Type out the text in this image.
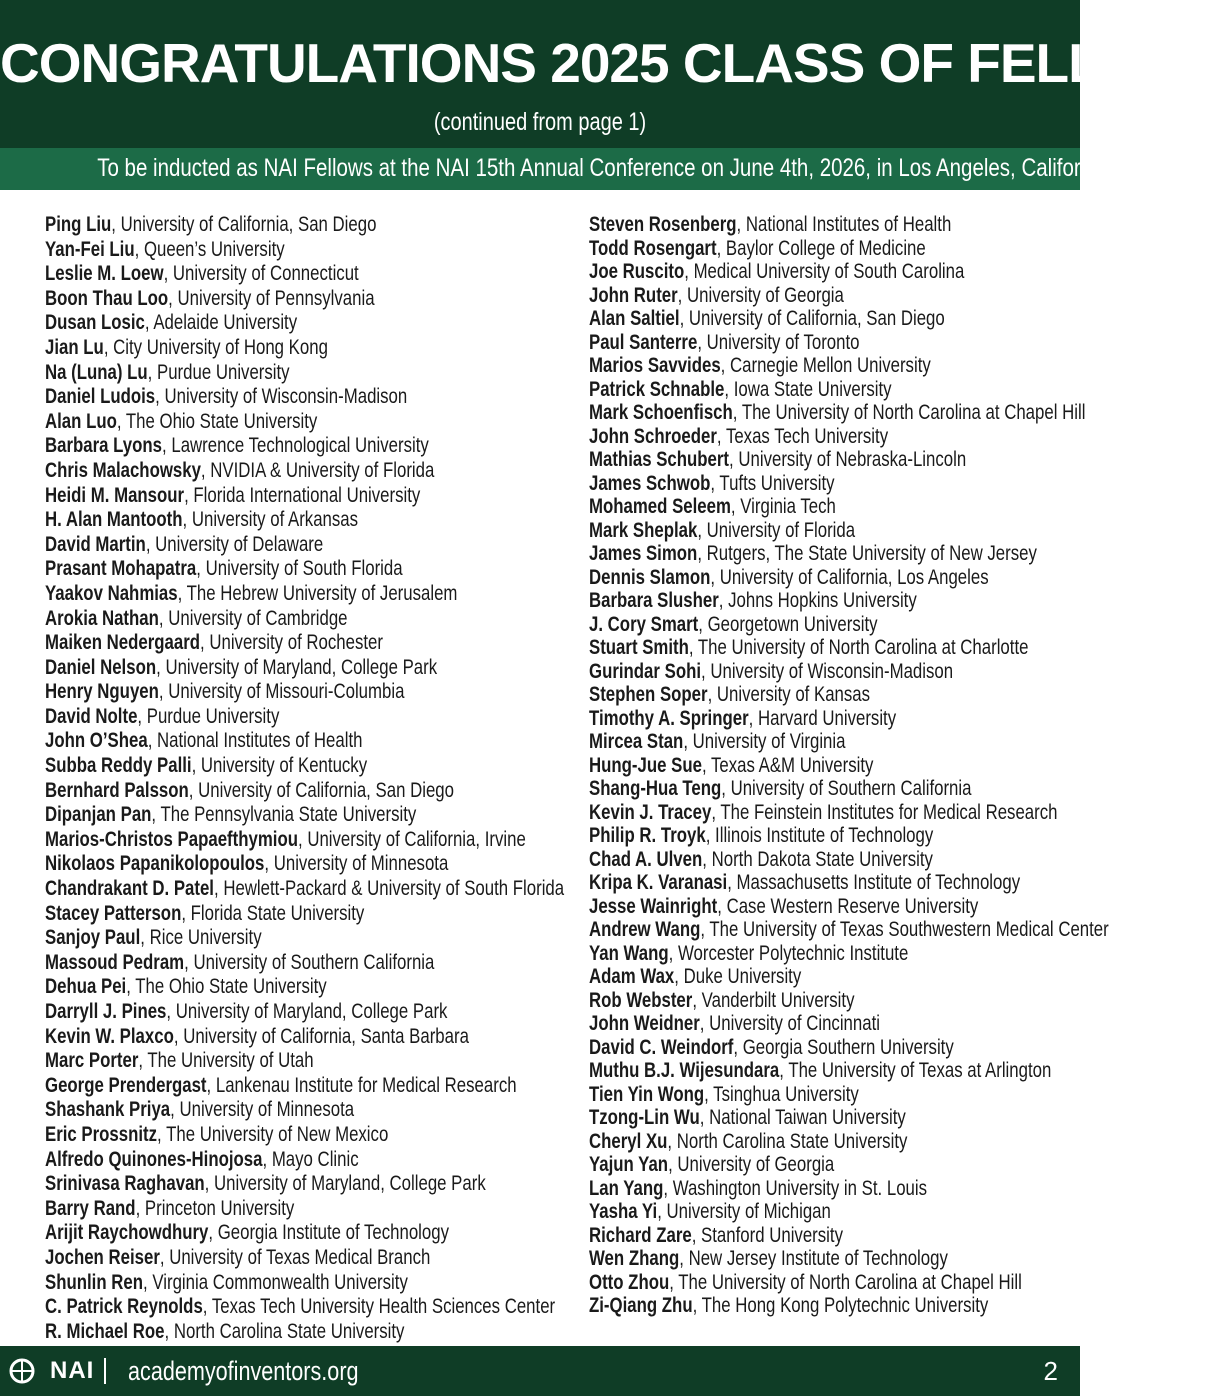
CONGRATULATIONS 2025 CLASS OF FELLOWS
(continued from page 1)
To be inducted as NAI Fellows at the NAI 15th Annual Conference on June 4th, 2026, in Los Angeles, California
Ping Liu, University of California, San Diego
Yan-Fei Liu, Queen’s University
Leslie M. Loew, University of Connecticut
Boon Thau Loo, University of Pennsylvania
Dusan Losic, Adelaide University
Jian Lu, City University of Hong Kong
Na (Luna) Lu, Purdue University
Daniel Ludois, University of Wisconsin-Madison
Alan Luo, The Ohio State University
Barbara Lyons, Lawrence Technological University
Chris Malachowsky, NVIDIA & University of Florida
Heidi M. Mansour, Florida International University
H. Alan Mantooth, University of Arkansas
David Martin, University of Delaware
Prasant Mohapatra, University of South Florida
Yaakov Nahmias, The Hebrew University of Jerusalem
Arokia Nathan, University of Cambridge
Maiken Nedergaard, University of Rochester
Daniel Nelson, University of Maryland, College Park
Henry Nguyen, University of Missouri-Columbia
David Nolte, Purdue University
John O’Shea, National Institutes of Health
Subba Reddy Palli, University of Kentucky
Bernhard Palsson, University of California, San Diego
Dipanjan Pan, The Pennsylvania State University
Marios-Christos Papaefthymiou, University of California, Irvine
Nikolaos Papanikolopoulos, University of Minnesota
Chandrakant D. Patel, Hewlett-Packard & University of South Florida
Stacey Patterson, Florida State University
Sanjoy Paul, Rice University
Massoud Pedram, University of Southern California
Dehua Pei, The Ohio State University
Darryll J. Pines, University of Maryland, College Park
Kevin W. Plaxco, University of California, Santa Barbara
Marc Porter, The University of Utah
George Prendergast, Lankenau Institute for Medical Research
Shashank Priya, University of Minnesota
Eric Prossnitz, The University of New Mexico
Alfredo Quinones-Hinojosa, Mayo Clinic
Srinivasa Raghavan, University of Maryland, College Park
Barry Rand, Princeton University
Arijit Raychowdhury, Georgia Institute of Technology
Jochen Reiser, University of Texas Medical Branch
Shunlin Ren, Virginia Commonwealth University
C. Patrick Reynolds, Texas Tech University Health Sciences Center
R. Michael Roe, North Carolina State University
Steven Rosenberg, National Institutes of Health
Todd Rosengart, Baylor College of Medicine
Joe Ruscito, Medical University of South Carolina
John Ruter, University of Georgia
Alan Saltiel, University of California, San Diego
Paul Santerre, University of Toronto
Marios Savvides, Carnegie Mellon University
Patrick Schnable, Iowa State University
Mark Schoenfisch, The University of North Carolina at Chapel Hill
John Schroeder, Texas Tech University
Mathias Schubert, University of Nebraska-Lincoln
James Schwob, Tufts University
Mohamed Seleem, Virginia Tech
Mark Sheplak, University of Florida
James Simon, Rutgers, The State University of New Jersey
Dennis Slamon, University of California, Los Angeles
Barbara Slusher, Johns Hopkins University
J. Cory Smart, Georgetown University
Stuart Smith, The University of North Carolina at Charlotte
Gurindar Sohi, University of Wisconsin-Madison
Stephen Soper, University of Kansas
Timothy A. Springer, Harvard University
Mircea Stan, University of Virginia
Hung-Jue Sue, Texas A&M University
Shang-Hua Teng, University of Southern California
Kevin J. Tracey, The Feinstein Institutes for Medical Research
Philip R. Troyk, Illinois Institute of Technology
Chad A. Ulven, North Dakota State University
Kripa K. Varanasi, Massachusetts Institute of Technology
Jesse Wainright, Case Western Reserve University
Andrew Wang, The University of Texas Southwestern Medical Center
Yan Wang, Worcester Polytechnic Institute
Adam Wax, Duke University
Rob Webster, Vanderbilt University
John Weidner, University of Cincinnati
David C. Weindorf, Georgia Southern University
Muthu B.J. Wijesundara, The University of Texas at Arlington
Tien Yin Wong, Tsinghua University
Tzong-Lin Wu, National Taiwan University
Cheryl Xu, North Carolina State University
Yajun Yan, University of Georgia
Lan Yang, Washington University in St. Louis
Yasha Yi, University of Michigan
Richard Zare, Stanford University
Wen Zhang, New Jersey Institute of Technology
Otto Zhou, The University of North Carolina at Chapel Hill
Zi-Qiang Zhu, The Hong Kong Polytechnic University
NAI academyofinventors.org	2
